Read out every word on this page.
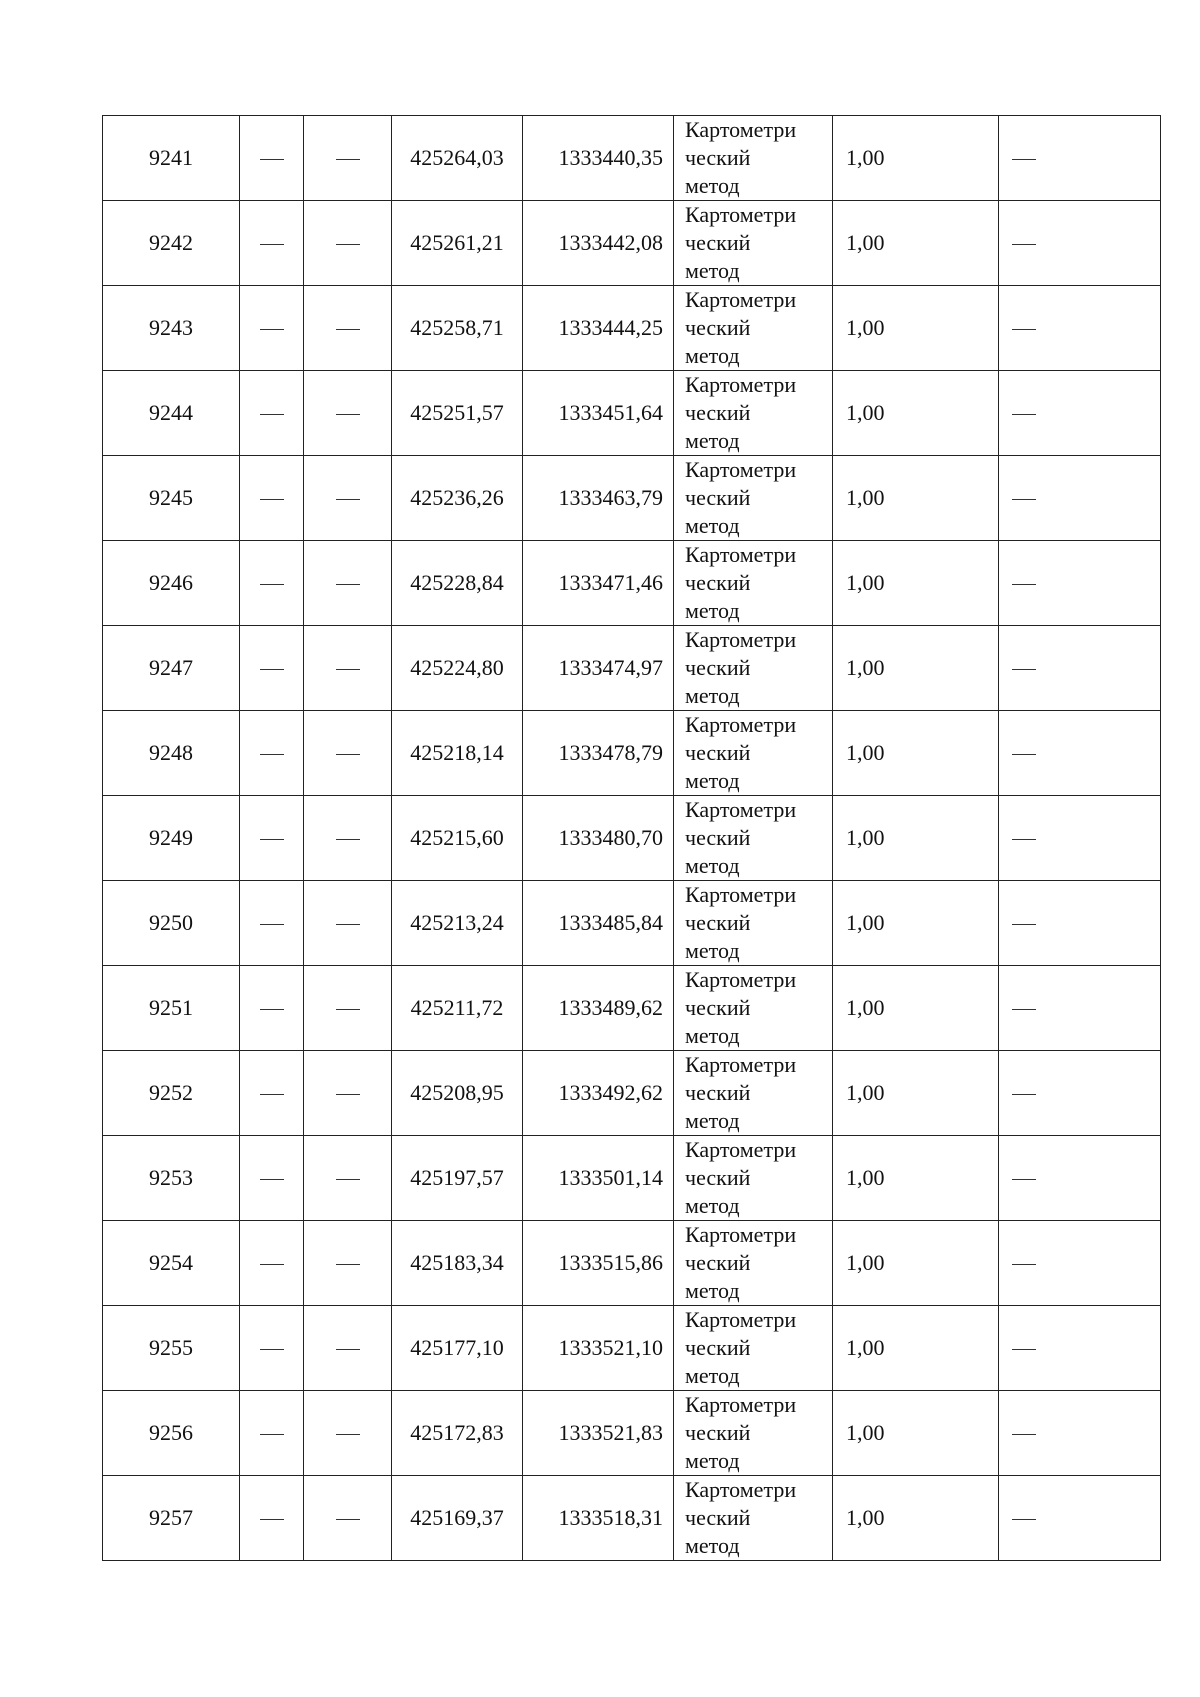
9241			425264,03	1333440,35	Картометри
ческий
метод	1,00	

9242			425261,21	1333442,08	Картометри
ческий
метод	1,00	

9243			425258,71	1333444,25	Картометри
ческий
метод	1,00	

9244			425251,57	1333451,64	Картометри
ческий
метод	1,00	

9245			425236,26	1333463,79	Картометри
ческий
метод	1,00	

9246			425228,84	1333471,46	Картометри
ческий
метод	1,00	

9247			425224,80	1333474,97	Картометри
ческий
метод	1,00	

9248			425218,14	1333478,79	Картометри
ческий
метод	1,00	

9249			425215,60	1333480,70	Картометри
ческий
метод	1,00	

9250			425213,24	1333485,84	Картометри
ческий
метод	1,00	

9251			425211,72	1333489,62	Картометри
ческий
метод	1,00	

9252			425208,95	1333492,62	Картометри
ческий
метод	1,00	

9253			425197,57	1333501,14	Картометри
ческий
метод	1,00	

9254			425183,34	1333515,86	Картометри
ческий
метод	1,00	

9255			425177,10	1333521,10	Картометри
ческий
метод	1,00	

9256			425172,83	1333521,83	Картометри
ческий
метод	1,00	

9257			425169,37	1333518,31	Картометри
ческий
метод	1,00	
